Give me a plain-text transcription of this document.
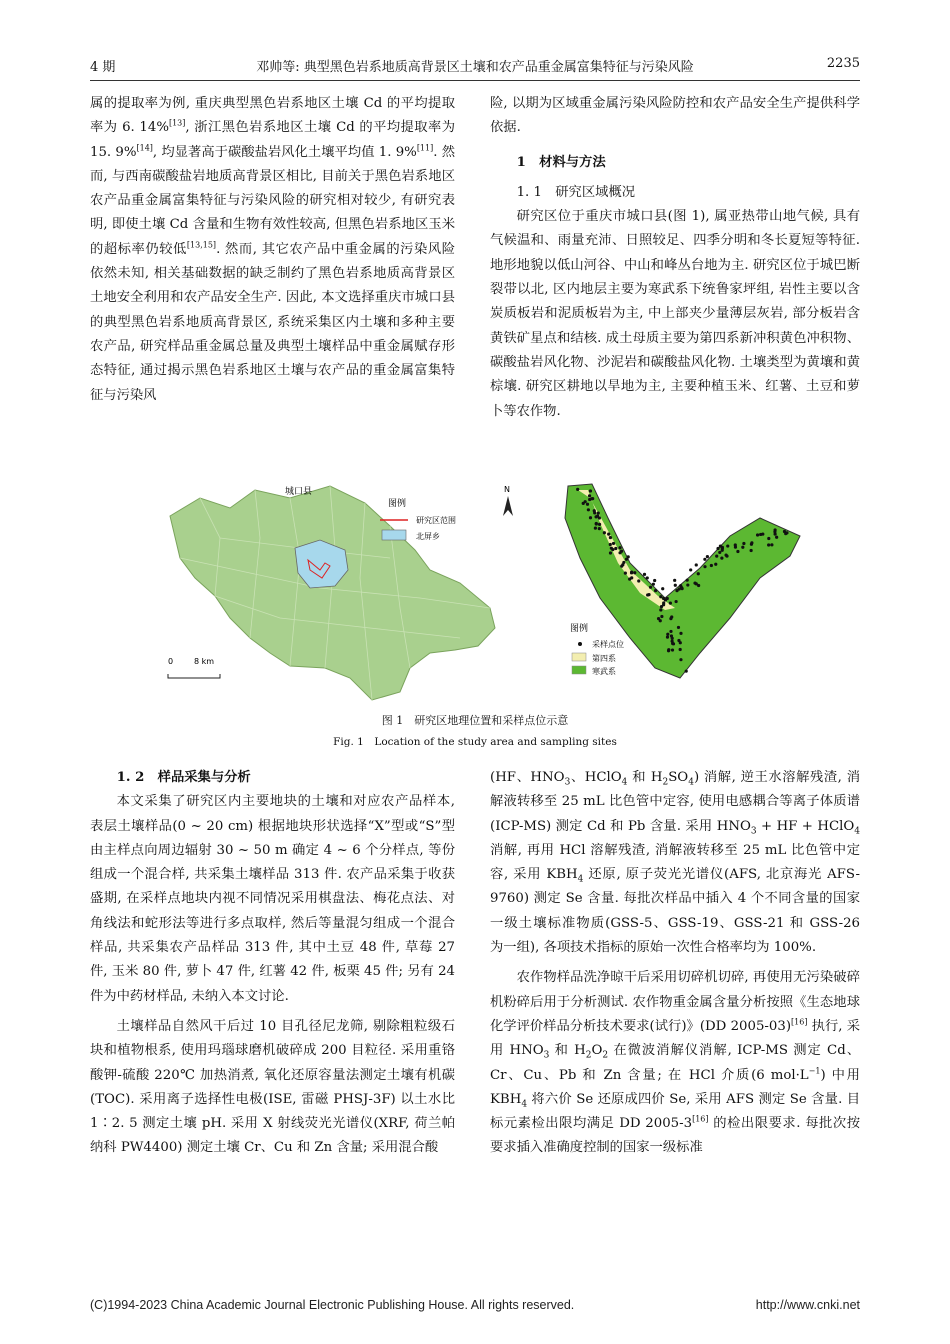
4 期	邓帅等: 典型黑色岩系地质高背景区土壤和农产品重金属富集特征与污染风险	2235

属的提取率为例, 重庆典型黑色岩系地区土壤 Cd 的平均提取率为 6. 14%[13], 浙江黑色岩系地区土壤 Cd 的平均提取率为 15. 9%[14], 均显著高于碳酸盐岩风化土壤平均值 1. 9%[11]. 然而, 与西南碳酸盐岩地质高背景区相比, 目前关于黑色岩系地区农产品重金属富集特征与污染风险的研究相对较少, 有研究表明, 即使土壤 Cd 含量和生物有效性较高, 但黑色岩系地区玉米的超标率仍较低[13,15]. 然而, 其它农产品中重金属的污染风险依然未知, 相关基础数据的缺乏制约了黑色岩系地质高背景区土地安全利用和农产品安全生产. 因此, 本文选择重庆市城口县的典型黑色岩系地质高背景区, 系统采集区内土壤和多种主要农产品, 研究样品重金属总量及典型土壤样品中重金属赋存形态特征, 通过揭示黑色岩系地区土壤与农产品的重金属富集特征与污染风

险, 以期为区域重金属污染风险防控和农产品安全生产提供科学依据.

1　材料与方法

1. 1　研究区域概况

研究区位于重庆市城口县(图 1), 属亚热带山地气候, 具有气候温和、雨量充沛、日照较足、四季分明和冬长夏短等特征. 地形地貌以低山河谷、中山和峰丛台地为主. 研究区位于城巴断裂带以北, 区内地层主要为寒武系下统鲁家坪组, 岩性主要以含炭质板岩和泥质板岩为主, 中上部夹少量薄层灰岩, 部分板岩含黄铁矿星点和结核. 成土母质主要为第四系新冲积黄色冲积物、碳酸盐岩风化物、沙泥岩和碳酸盐风化物. 土壤类型为黄壤和黄棕壤. 研究区耕地以旱地为主, 主要种植玉米、红薯、土豆和萝卜等农作物.

城口县
图例
研究区范围
北屏乡
0	8 km
N
图例
采样点位
第四系
寒武系
图 1　研究区地理位置和采样点位示意
Fig. 1　Location of the study area and sampling sites

1. 2　样品采集与分析

本文采集了研究区内主要地块的土壤和对应农产品样本, 表层土壤样品(0 ~ 20 cm) 根据地块形状选择“X”型或“S”型由主样点向周边辐射 30 ~ 50 m 确定 4 ~ 6 个分样点, 等份组成一个混合样, 共采集土壤样品 313 件. 农产品采集于收获盛期, 在采样点地块内视不同情况采用棋盘法、梅花点法、对角线法和蛇形法等进行多点取样, 然后等量混匀组成一个混合样品, 共采集农产品样品 313 件, 其中土豆 48 件, 草莓 27 件, 玉米 80 件, 萝卜 47 件, 红薯 42 件, 板栗 45 件; 另有 24 件为中药材样品, 未纳入本文讨论.

土壤样品自然风干后过 10 目孔径尼龙筛, 剔除粗粒级石块和植物根系, 使用玛瑙球磨机破碎成 200 目粒径. 采用重铬酸钾-硫酸 220℃ 加热消煮, 氧化还原容量法测定土壤有机碳(TOC). 采用离子选择性电极(ISE, 雷磁 PHSJ-3F) 以土水比 1∶2. 5 测定土壤 pH. 采用 X 射线荧光光谱仪(XRF, 荷兰帕纳科 PW4400) 测定土壤 Cr、Cu 和 Zn 含量; 采用混合酸

(HF、$HNO_3$、HClO$_4$ 和 $H_2SO_4$) 消解, 逆王水溶解残渣, 消解液转移至 25 mL 比色管中定容, 使用电感耦合等离子体质谱(ICP-MS) 测定 Cd 和 Pb 含量. 采用 $HNO_3$ + HF + HClO$_4$ 消解, 再用 HCl 溶解残渣, 消解液转移至 25 mL 比色管中定容, 采用 $KBH_4$ 还原, 原子荧光光谱仪(AFS, 北京海光 AFS-9760) 测定 Se 含量. 每批次样品中插入 4 个不同含量的国家一级土壤标准物质(GSS-5、GSS-19、GSS-21 和 GSS-26 为一组), 各项技术指标的原始一次性合格率均为 100%.

农作物样品洗净晾干后采用切碎机切碎, 再使用无污染破碎机粉碎后用于分析测试. 农作物重金属含量分析按照《生态地球化学评价样品分析技术要求(试行)》(DD 2005-03)[16] 执行, 采用 $HNO_3$ 和 $H_2O_2$ 在微波消解仪消解, ICP-MS 测定 Cd、Cr、Cu、Pb 和 Zn 含量; 在 HCl 介质(6 $mol\cdot L^{-1}$) 中用 $KBH_4$ 将六价 Se 还原成四价 Se, 采用 AFS 测定 Se 含量. 目标元素检出限均满足 DD 2005-3[16] 的检出限要求. 每批次按要求插入准确度控制的国家一级标准

(C)1994-2023 China Academic Journal Electronic Publishing House. All rights reserved.	http://www.cnki.net
